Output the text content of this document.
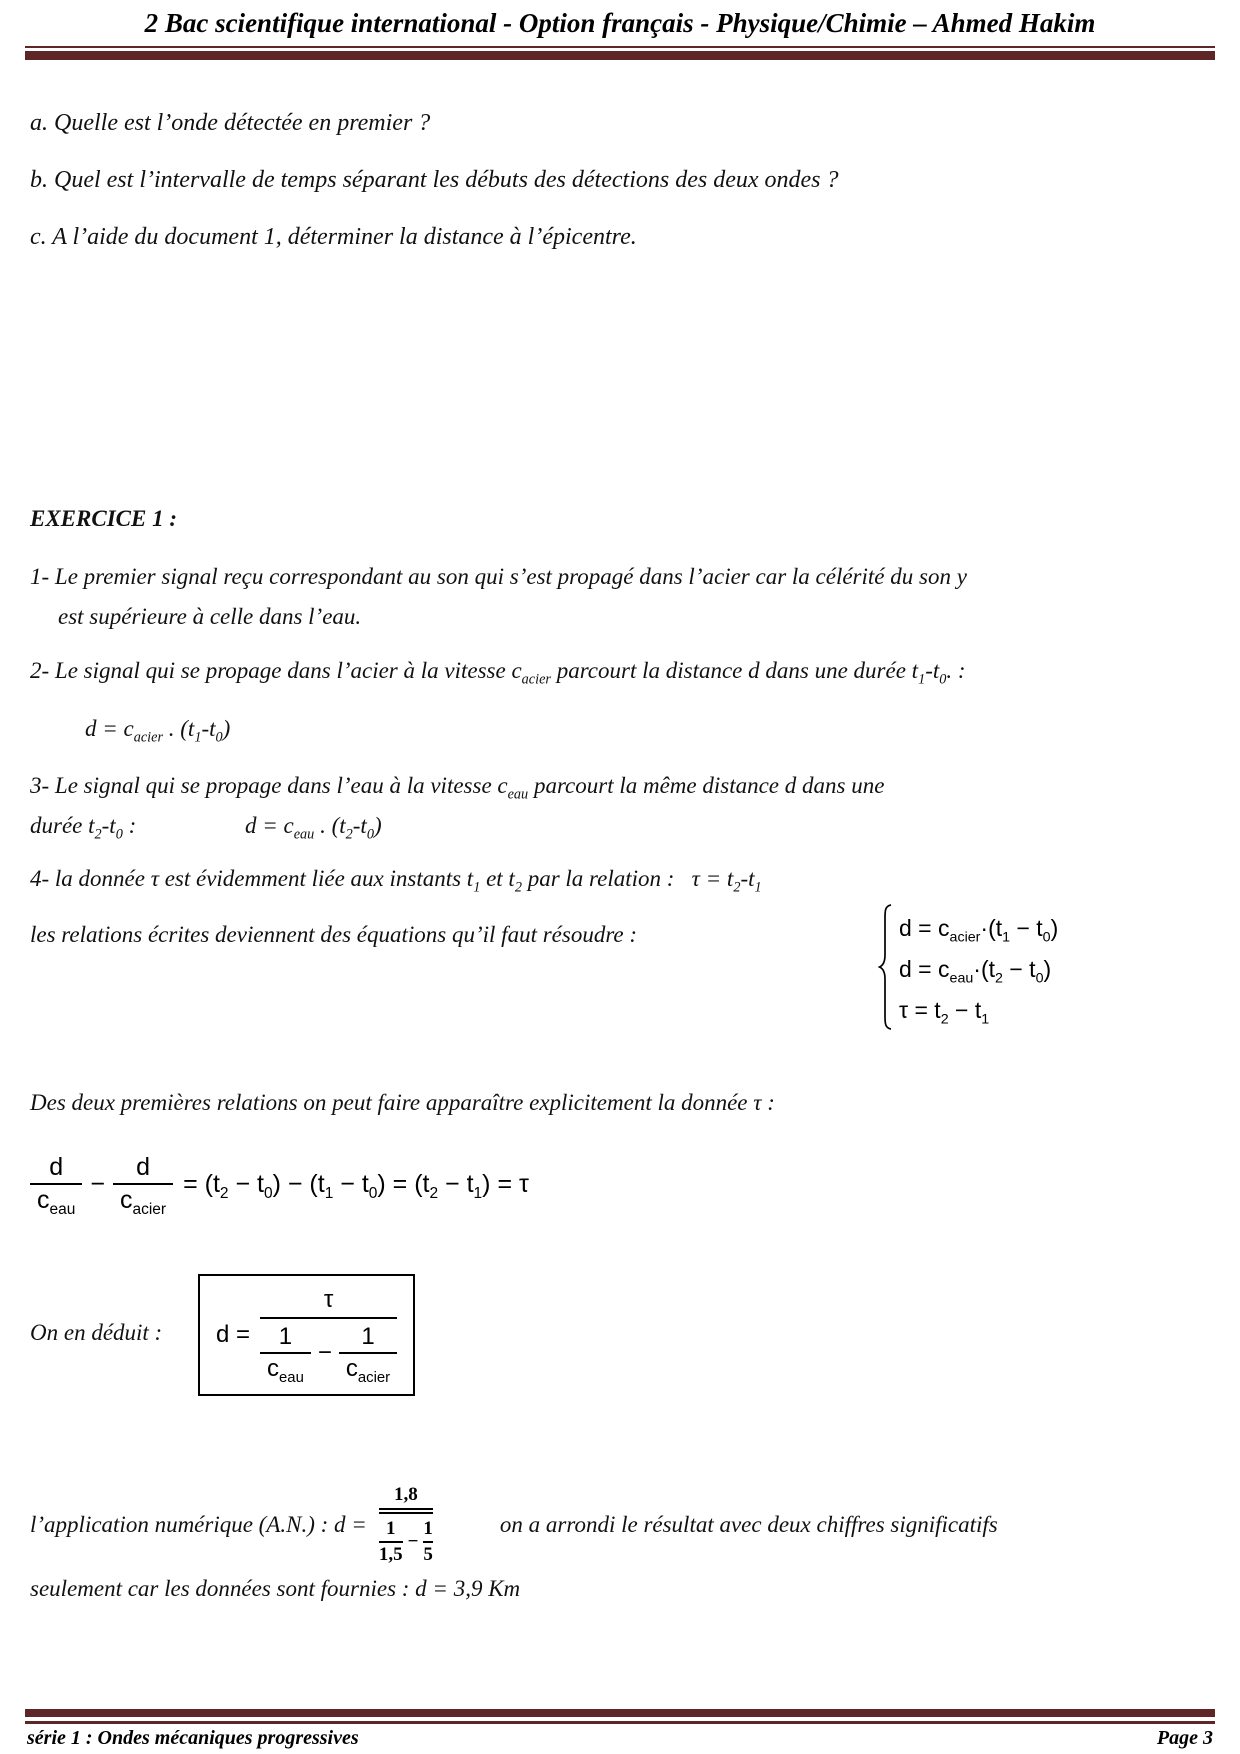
2 Bac scientifique international - Option français - Physique/Chimie – Ahmed Hakim
a. Quelle est l’onde détectée en premier ?
b. Quel est l’intervalle de temps séparant les débuts des détections des deux ondes ?
c. A l’aide du document 1, déterminer la distance à l’épicentre.
EXERCICE 1 :
1- Le premier signal reçu correspondant au son qui s’est propagé dans l’acier car la célérité du son y
est supérieure à celle dans l’eau.
2- Le signal qui se propage dans l’acier à la vitesse $c_{acier}$ parcourt la distance d dans une durée $t_1-t_0$. :
$d = c_{acier}$ . $(t_1-t_0)$
3- Le signal qui se propage dans l’eau à la vitesse $c_{eau}$ parcourt la même distance d dans une
durée $t_2-t_0$ :	$d = c_{eau}$ . $(t_2-t_0)$
4- la donnée τ est évidemment liée aux instants $t_1$ et $t_2$ par la relation :   $\tau = t_2-t_1$
les relations écrites deviennent des équations qu’il faut résoudre :	$d = c_{acier}\cdot(t_1 - t_0)$
$d = c_{eau}\cdot(t_2 - t_0)$
$\tau = t_2 - t_1$
Des deux premières relations on peut faire apparaître explicitement la donnée τ :
$\frac{d}{c_{eau}} - \frac{d}{c_{acier}} = (t_2 - t_0) - (t_1 - t_0) = (t_2 - t_1) = \tau$
On en déduit : d =
τ
$\frac{1}{c_{eau}} - \frac{1}{c_{acier}}$
l’application numérique (A.N.) : d =
1,8
1
1,5
−
1
5
on a arrondi le résultat avec deux chiffres significatifs
seulement car les données sont fournies : d = 3,9 Km
série 1 : Ondes mécaniques progressives	Page 3
